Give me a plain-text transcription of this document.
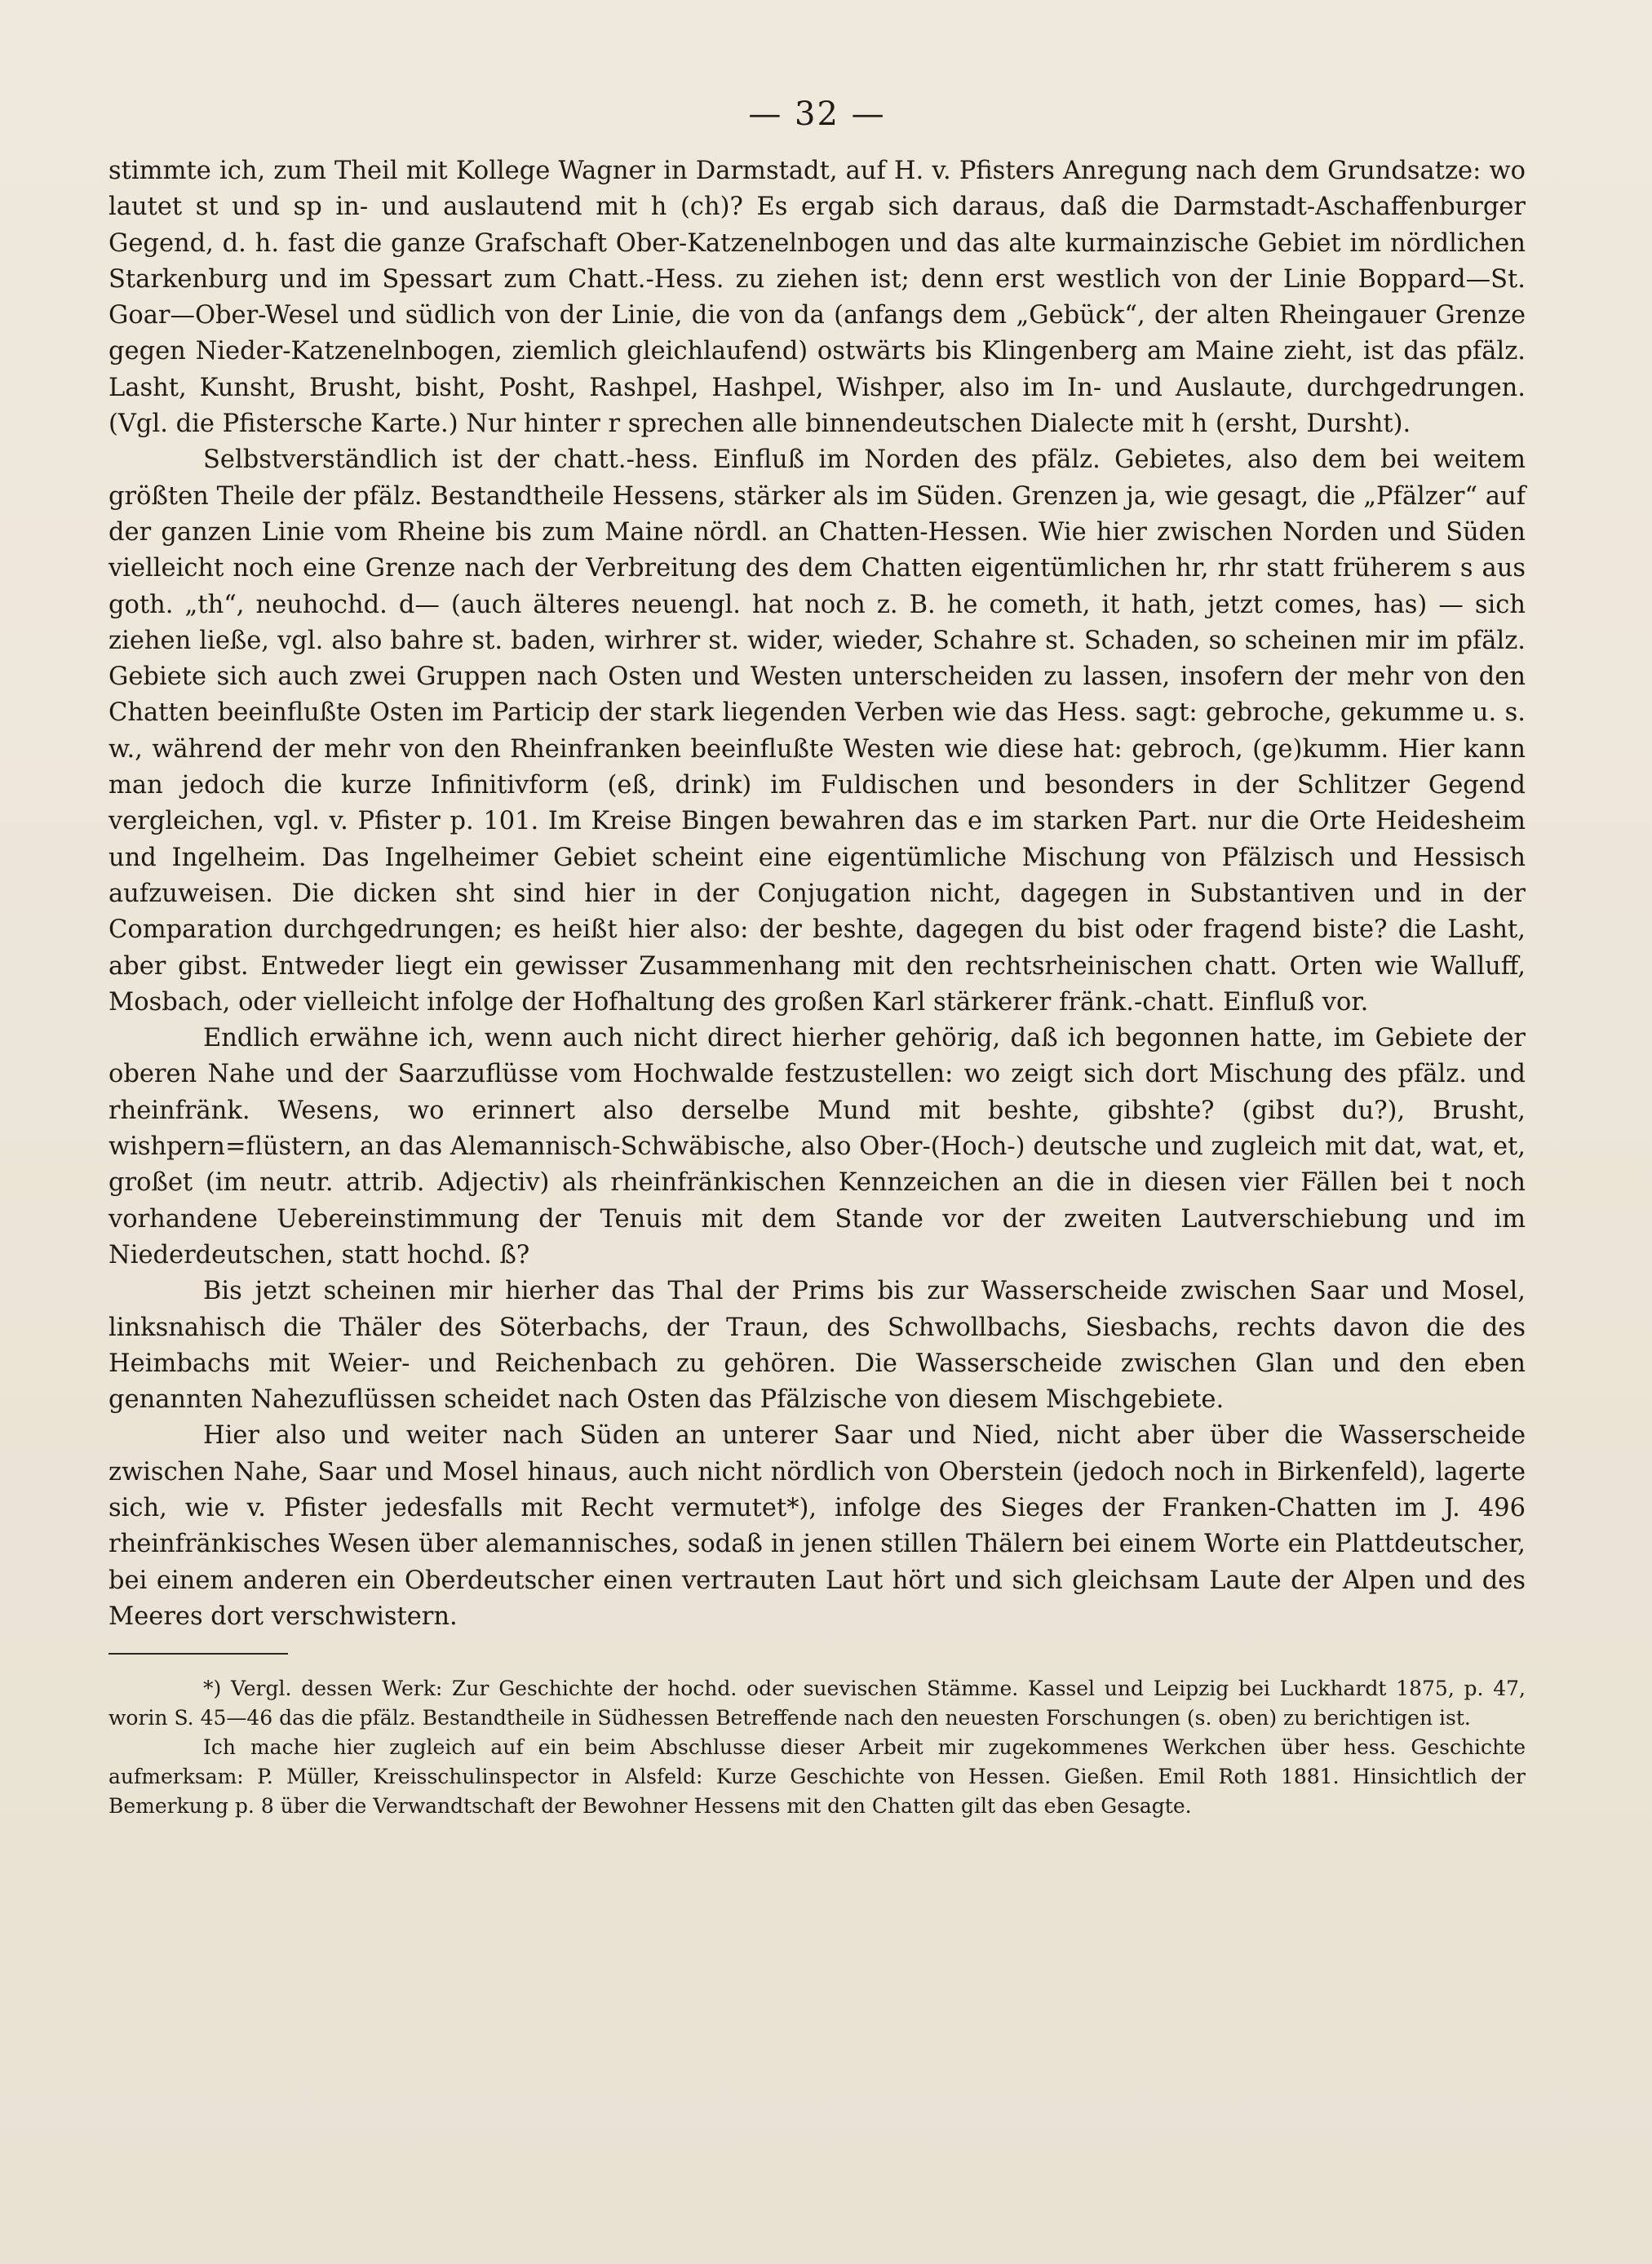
— 32 —

stimmte ich, zum Theil mit Kollege Wagner in Darmstadt, auf H. v. Pfisters Anregung nach dem Grundsatze: wo lautet st und sp in- und auslautend mit h (ch)? Es ergab sich daraus, daß die Darmstadt-Aschaffenburger Gegend, d. h. fast die ganze Grafschaft Ober-Katzenelnbogen und das alte kurmainzische Gebiet im nördlichen Starkenburg und im Spessart zum Chatt.-Hess. zu ziehen ist; denn erst westlich von der Linie Boppard—St. Goar—Ober-Wesel und südlich von der Linie, die von da (anfangs dem „Gebück“, der alten Rheingauer Grenze gegen Nieder-Katzenelnbogen, ziemlich gleichlaufend) ostwärts bis Klingenberg am Maine zieht, ist das pfälz. Lasht, Kunsht, Brusht, bisht, Posht, Rashpel, Hashpel, Wishper, also im In- und Auslaute, durchgedrungen. (Vgl. die Pfistersche Karte.) Nur hinter r sprechen alle binnendeutschen Dialecte mit h (ersht, Dursht).

Selbstverständlich ist der chatt.-hess. Einfluß im Norden des pfälz. Gebietes, also dem bei weitem größten Theile der pfälz. Bestandtheile Hessens, stärker als im Süden. Grenzen ja, wie gesagt, die „Pfälzer“ auf der ganzen Linie vom Rheine bis zum Maine nördl. an Chatten-Hessen. Wie hier zwischen Norden und Süden vielleicht noch eine Grenze nach der Verbreitung des dem Chatten eigentümlichen hr, rhr statt früherem s aus goth. „th“, neuhochd. d— (auch älteres neuengl. hat noch z. B. he cometh, it hath, jetzt comes, has) — sich ziehen ließe, vgl. also bahre st. baden, wirhrer st. wider, wieder, Schahre st. Schaden, so scheinen mir im pfälz. Gebiete sich auch zwei Gruppen nach Osten und Westen unterscheiden zu lassen, insofern der mehr von den Chatten beeinflußte Osten im Particip der stark liegenden Verben wie das Hess. sagt: gebroche, gekumme u. s. w., während der mehr von den Rheinfranken beeinflußte Westen wie diese hat: gebroch, (ge)kumm. Hier kann man jedoch die kurze Infinitivform (eß, drink) im Fuldischen und besonders in der Schlitzer Gegend vergleichen, vgl. v. Pfister p. 101. Im Kreise Bingen bewahren das e im starken Part. nur die Orte Heidesheim und Ingelheim. Das Ingelheimer Gebiet scheint eine eigentümliche Mischung von Pfälzisch und Hessisch aufzuweisen. Die dicken sht sind hier in der Conjugation nicht, dagegen in Substantiven und in der Comparation durchgedrungen; es heißt hier also: der beshte, dagegen du bist oder fragend biste? die Lasht, aber gibst. Entweder liegt ein gewisser Zusammenhang mit den rechtsrheinischen chatt. Orten wie Walluff, Mosbach, oder vielleicht infolge der Hofhaltung des großen Karl stärkerer fränk.-chatt. Einfluß vor.

Endlich erwähne ich, wenn auch nicht direct hierher gehörig, daß ich begonnen hatte, im Gebiete der oberen Nahe und der Saarzuflüsse vom Hochwalde festzustellen: wo zeigt sich dort Mischung des pfälz. und rheinfränk. Wesens, wo erinnert also derselbe Mund mit beshte, gibshte? (gibst du?), Brusht, wishpern=flüstern, an das Alemannisch-Schwäbische, also Ober-(Hoch-) deutsche und zugleich mit dat, wat, et, großet (im neutr. attrib. Adjectiv) als rheinfränkischen Kennzeichen an die in diesen vier Fällen bei t noch vorhandene Uebereinstimmung der Tenuis mit dem Stande vor der zweiten Lautverschiebung und im Niederdeutschen, statt hochd. ß?

Bis jetzt scheinen mir hierher das Thal der Prims bis zur Wasserscheide zwischen Saar und Mosel, linksnahisch die Thäler des Söterbachs, der Traun, des Schwollbachs, Siesbachs, rechts davon die des Heimbachs mit Weier- und Reichenbach zu gehören. Die Wasserscheide zwischen Glan und den eben genannten Nahezuflüssen scheidet nach Osten das Pfälzische von diesem Mischgebiete.

Hier also und weiter nach Süden an unterer Saar und Nied, nicht aber über die Wasserscheide zwischen Nahe, Saar und Mosel hinaus, auch nicht nördlich von Oberstein (jedoch noch in Birkenfeld), lagerte sich, wie v. Pfister jedesfalls mit Recht vermutet*), infolge des Sieges der Franken-Chatten im J. 496 rheinfränkisches Wesen über alemannisches, sodaß in jenen stillen Thälern bei einem Worte ein Plattdeutscher, bei einem anderen ein Oberdeutscher einen vertrauten Laut hört und sich gleichsam Laute der Alpen und des Meeres dort verschwistern.

*) Vergl. dessen Werk: Zur Geschichte der hochd. oder suevischen Stämme. Kassel und Leipzig bei Luckhardt 1875, p. 47, worin S. 45—46 das die pfälz. Bestandtheile in Südhessen Betreffende nach den neuesten Forschungen (s. oben) zu berichtigen ist.

Ich mache hier zugleich auf ein beim Abschlusse dieser Arbeit mir zugekommenes Werkchen über hess. Geschichte aufmerksam: P. Müller, Kreisschulinspector in Alsfeld: Kurze Geschichte von Hessen. Gießen. Emil Roth 1881. Hinsichtlich der Bemerkung p. 8 über die Verwandtschaft der Bewohner Hessens mit den Chatten gilt das eben Gesagte.
